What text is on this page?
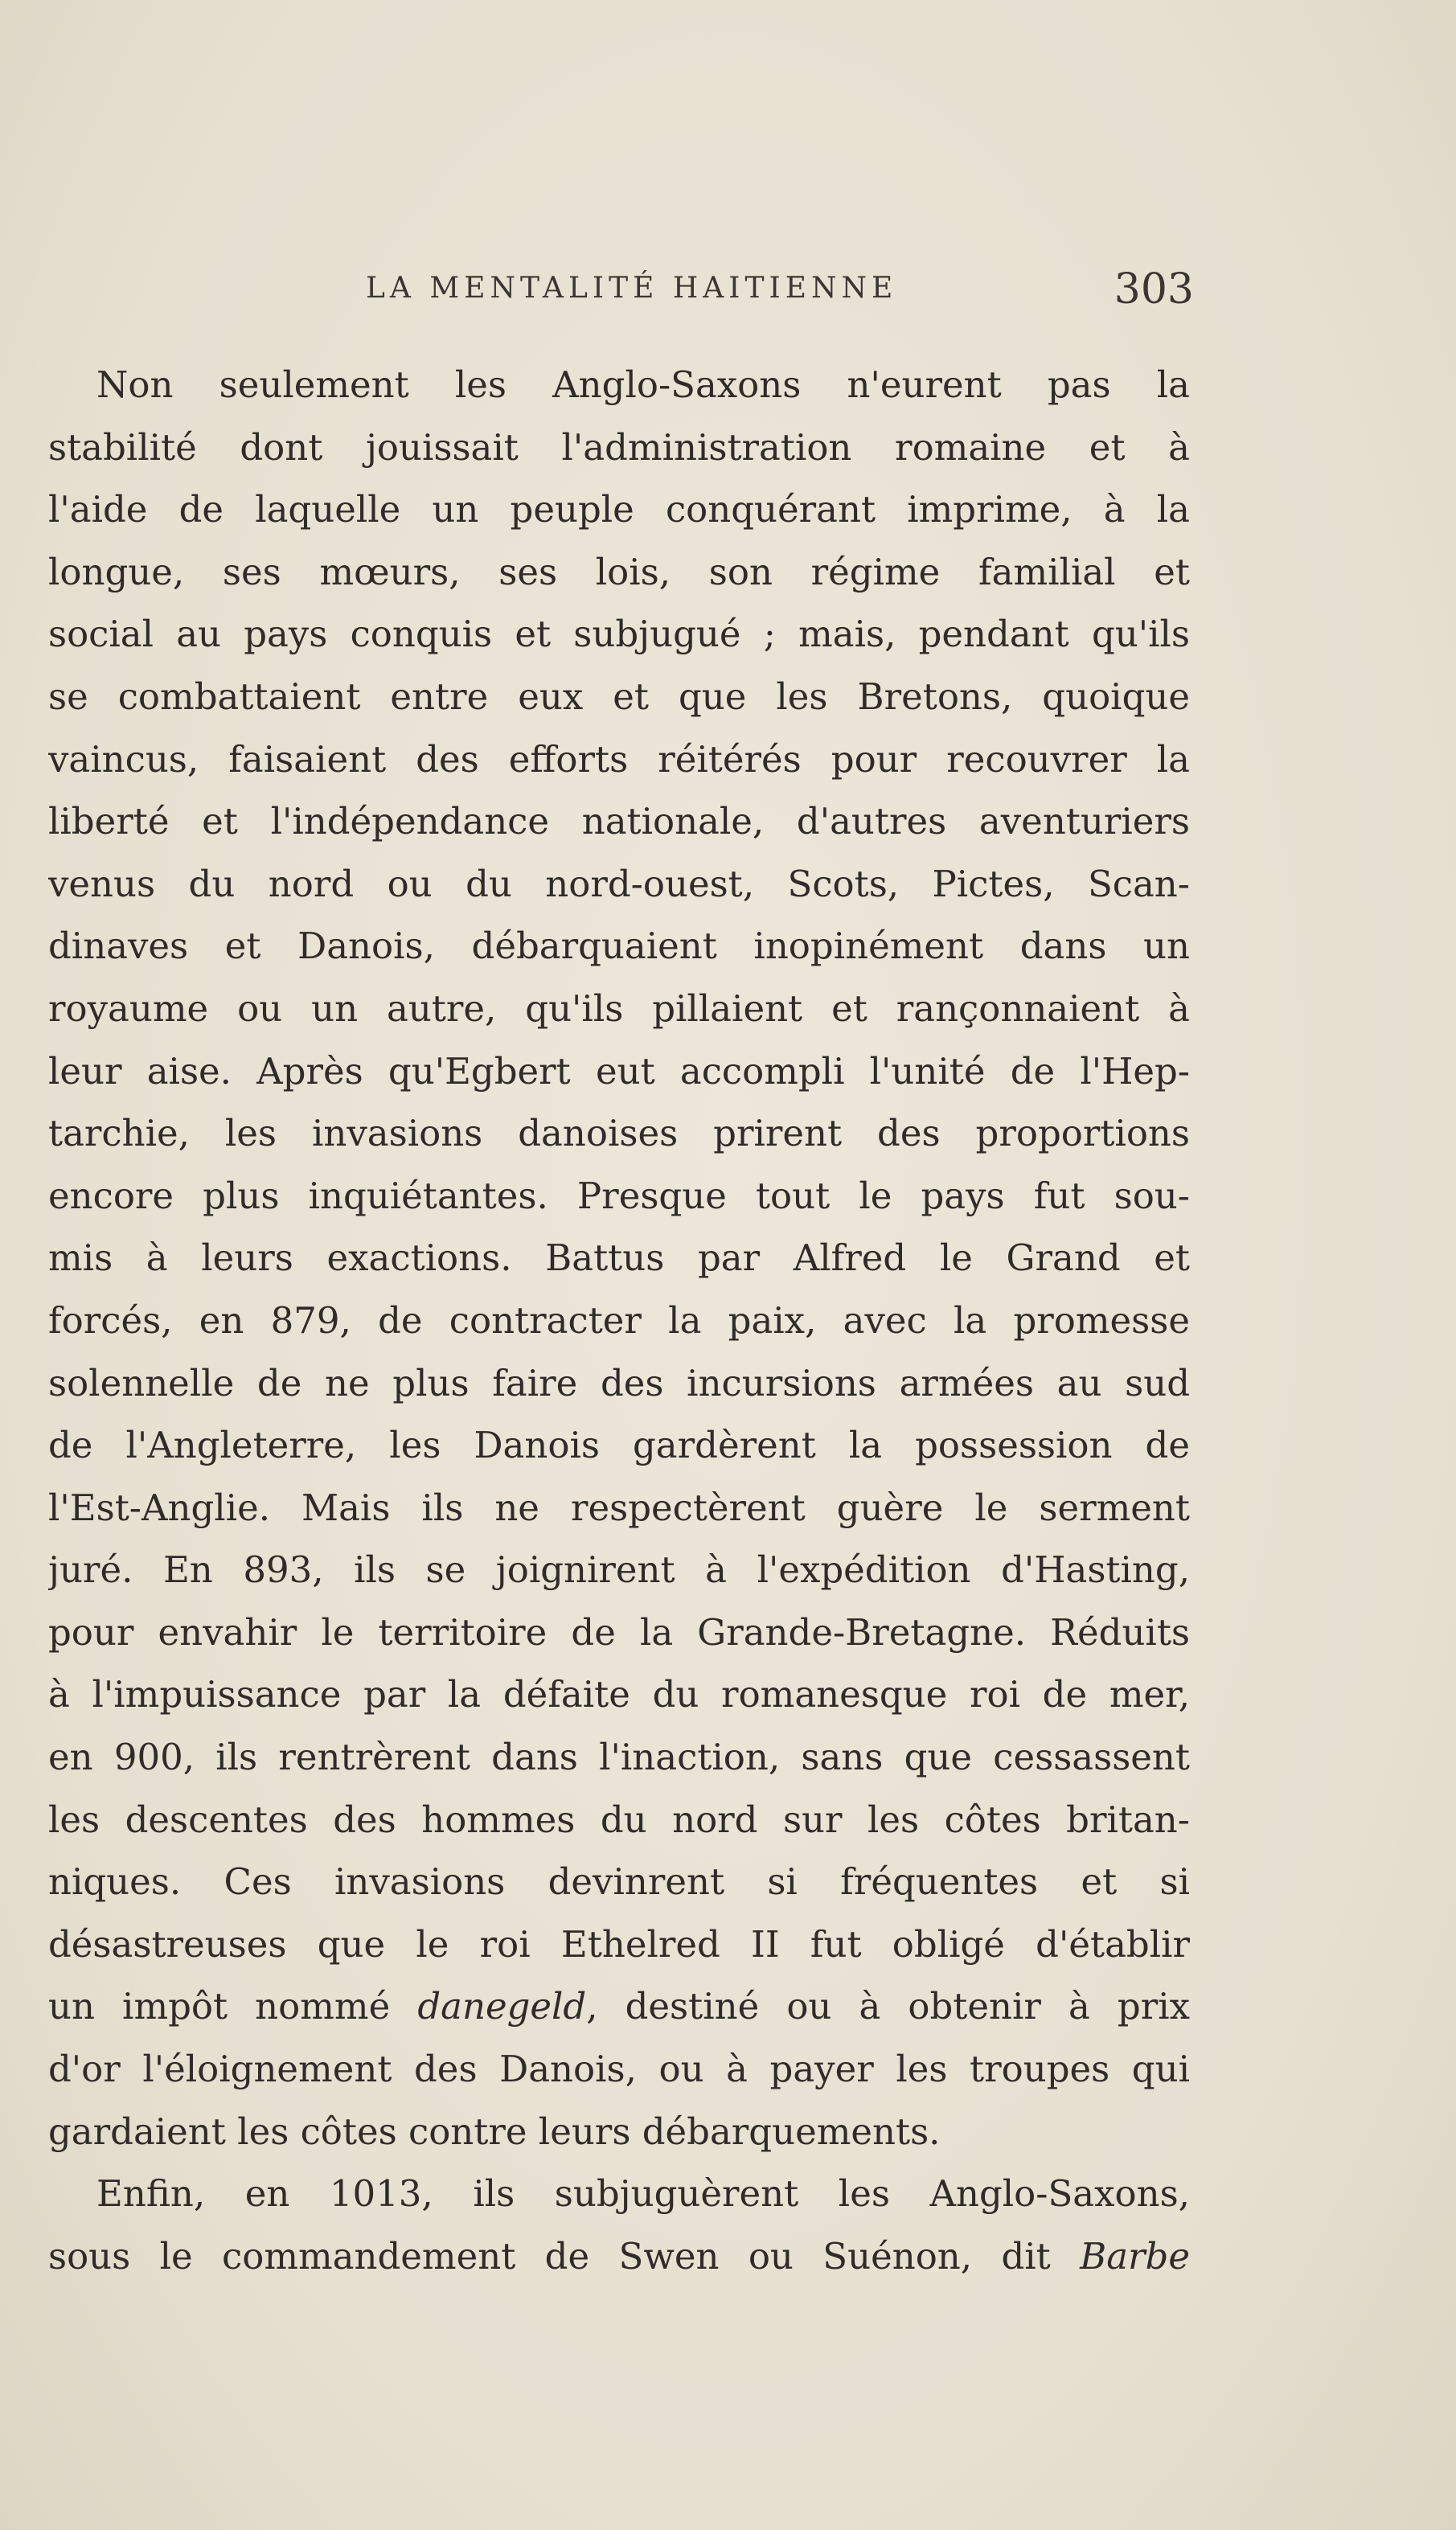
LA MENTALITÉ HAITIENNE	303
Non seulement les Anglo-Saxons n'eurent pas la
stabilité dont jouissait l'administration romaine et à
l'aide de laquelle un peuple conquérant imprime, à la
longue, ses mœurs, ses lois, son régime familial et
social au pays conquis et subjugué ; mais, pendant qu'ils
se combattaient entre eux et que les Bretons, quoique
vaincus, faisaient des efforts réitérés pour recouvrer la
liberté et l'indépendance nationale, d'autres aventuriers
venus du nord ou du nord-ouest, Scots, Pictes, Scan-
dinaves et Danois, débarquaient inopinément dans un
royaume ou un autre, qu'ils pillaient et rançonnaient à
leur aise. Après qu'Egbert eut accompli l'unité de l'Hep-
tarchie, les invasions danoises prirent des proportions
encore plus inquiétantes. Presque tout le pays fut sou-
mis à leurs exactions. Battus par Alfred le Grand et
forcés, en 879, de contracter la paix, avec la promesse
solennelle de ne plus faire des incursions armées au sud
de l'Angleterre, les Danois gardèrent la possession de
l'Est-Anglie. Mais ils ne respectèrent guère le serment
juré. En 893, ils se joignirent à l'expédition d'Hasting,
pour envahir le territoire de la Grande-Bretagne. Réduits
à l'impuissance par la défaite du romanesque roi de mer,
en 900, ils rentrèrent dans l'inaction, sans que cessassent
les descentes des hommes du nord sur les côtes britan-
niques. Ces invasions devinrent si fréquentes et si
désastreuses que le roi Ethelred II fut obligé d'établir
un impôt nommé danegeld, destiné ou à obtenir à prix
d'or l'éloignement des Danois, ou à payer les troupes qui
gardaient les côtes contre leurs débarquements.
Enfin, en 1013, ils subjuguèrent les Anglo-Saxons,
sous le commandement de Swen ou Suénon, dit Barbe
